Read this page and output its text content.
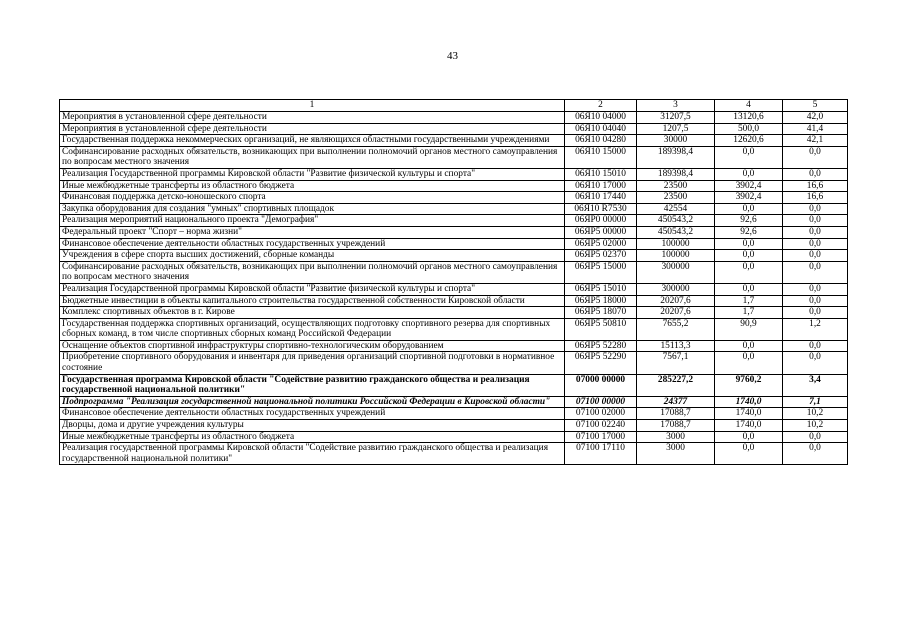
43
1	2	3	4	5
Мероприятия в установленной сфере деятельности	06Я10 04000	31207,5	13120,6	42,0
Мероприятия в установленной сфере деятельности	06Я10 04040	1207,5	500,0	41,4
Государственная поддержка некоммерческих организаций, не являющихся областными государственными учреждениями	06Я10 04280	30000	12620,6	42,1
Софинансирование расходных обязательств, возникающих при выполнении полномочий органов местного самоуправления по вопросам местного значения	06Я10 15000	189398,4	0,0	0,0
Реализация Государственной программы Кировской области "Развитие физической культуры и спорта"	06Я10 15010	189398,4	0,0	0,0
Иные межбюджетные трансферты из областного бюджета	06Я10 17000	23500	3902,4	16,6
Финансовая поддержка детско-юношеского спорта	06Я10 17440	23500	3902,4	16,6
Закупка оборудования для создания "умных" спортивных площадок	06Я10 R7530	42554	0,0	0,0
Реализация мероприятий национального проекта "Демография"	06ЯР0 00000	450543,2	92,6	0,0
Федеральный проект "Спорт – норма жизни"	06ЯР5 00000	450543,2	92,6	0,0
Финансовое обеспечение деятельности областных государственных учреждений	06ЯР5 02000	100000	0,0	0,0
Учреждения в сфере спорта высших достижений, сборные команды	06ЯР5 02370	100000	0,0	0,0
Софинансирование расходных обязательств, возникающих при выполнении полномочий органов местного самоуправления по вопросам местного значения	06ЯР5 15000	300000	0,0	0,0
Реализация Государственной программы Кировской области "Развитие физической культуры и спорта"	06ЯР5 15010	300000	0,0	0,0
Бюджетные инвестиции в объекты капитального строительства государственной собственности Кировской области	06ЯР5 18000	20207,6	1,7	0,0
Комплекс спортивных объектов в г. Кирове	06ЯР5 18070	20207,6	1,7	0,0
Государственная поддержка спортивных организаций, осуществляющих подготовку спортивного резерва для спортивных сборных команд, в том числе спортивных сборных команд Российской Федерации	06ЯР5 50810	7655,2	90,9	1,2
Оснащение объектов спортивной инфраструктуры спортивно-технологическим оборудованием	06ЯР5 52280	15113,3	0,0	0,0
Приобретение спортивного оборудования и инвентаря для приведения организаций спортивной подготовки в нормативное состояние	06ЯР5 52290	7567,1	0,0	0,0
Государственная программа Кировской области "Содействие развитию гражданского общества и реализация государственной национальной политики"	07000 00000	285227,2	9760,2	3,4
Подпрограмма "Реализация государственной национальной политики Российской Федерации в Кировской области"	07100 00000	24377	1740,0	7,1
Финансовое обеспечение деятельности областных государственных учреждений	07100 02000	17088,7	1740,0	10,2
Дворцы, дома и другие учреждения культуры	07100 02240	17088,7	1740,0	10,2
Иные межбюджетные трансферты из областного бюджета	07100 17000	3000	0,0	0,0
Реализация государственной программы Кировской области "Содействие развитию гражданского общества и реализация государственной национальной политики"	07100 17110	3000	0,0	0,0
